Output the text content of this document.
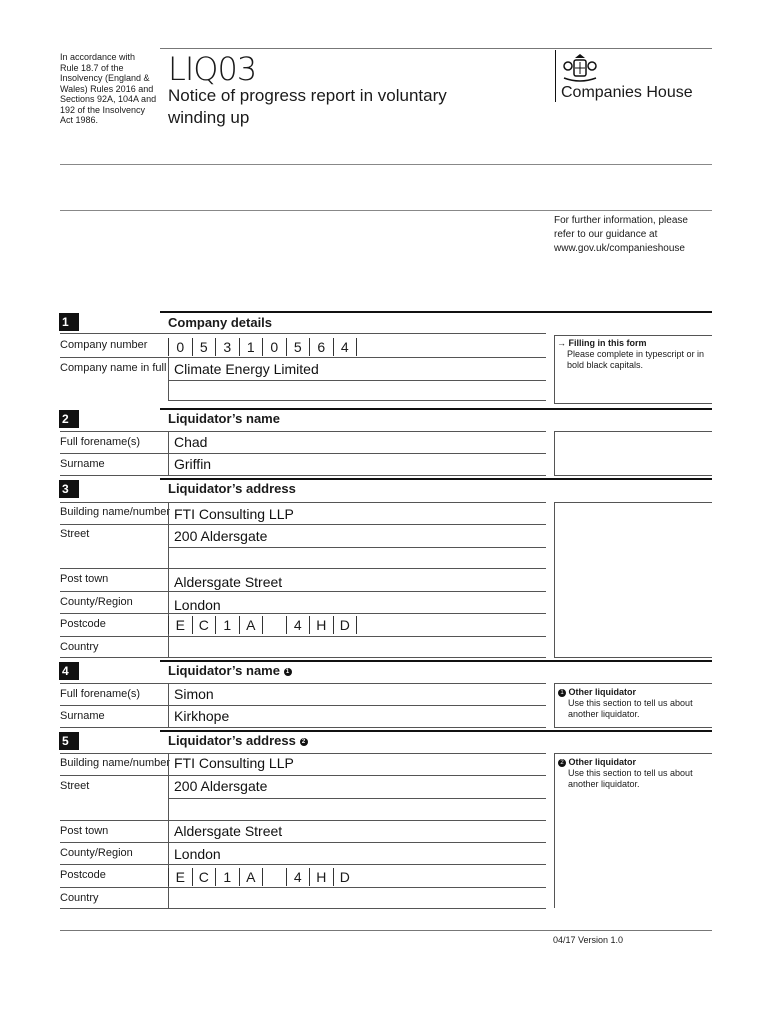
In accordance with
Rule 18.7 of the
Insolvency (England &
Wales) Rules 2016 and
Sections 92A, 104A and
192 of the Insolvency
Act 1986.
LIQ03
Notice of progress report in voluntary
winding up
Companies House
For further information, please
refer to our guidance at
www.gov.uk/companieshouse
1	Company details
Company number	0	5	3	1	0	5	6	4
Company name in full Climate Energy Limited
→ Filling in this form
Please complete in typescript or in
bold black capitals.
2	Liquidator’s name
Full forename(s) Chad
Surname	Griffin
3	Liquidator’s address
Building name/number FTI Consulting LLP
Street	200 Aldersgate
Post town	Aldersgate Street
County/Region	London
Postcode	E C	1	A	4	H D
Country
4	Liquidator’s name 1
Full forename(s) Simon
Surname	Kirkhope
1 Other liquidator
Use this section to tell us about
another liquidator.
5	Liquidator’s address 2
Building name/number FTI Consulting LLP
Street	200 Aldersgate
Post town	Aldersgate Street
County/Region	London
Postcode	E C	1	A	4	H D
Country
2 Other liquidator
Use this section to tell us about
another liquidator.
04/17 Version 1.0
